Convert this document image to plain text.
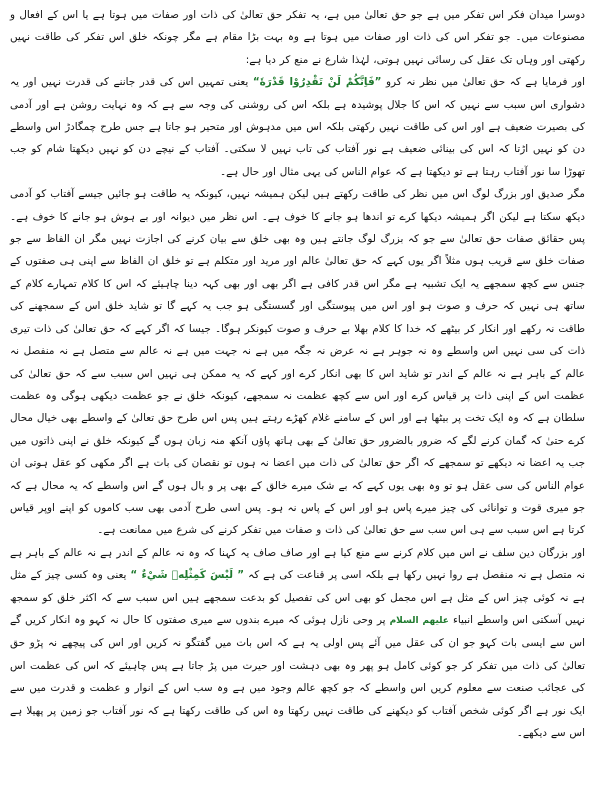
دوسرا میدان فکر اس تفکر میں ہے جو حق تعالیٰ میں ہے، یہ تفکر حق تعالیٰ کی ذات اور صفات میں ہوتا ہے یا اس کے افعال و مصنوعات میں۔ جو تفکر اس کی ذات اور صفات میں ہوتا ہے وہ بہت بڑا مقام ہے مگر چونکہ خلق اس تفکر کی طاقت نہیں رکھتی اور وہاں تک عقل کی رسائی نہیں ہوتی، لہٰذا شارع نے منع کر دیا ہے:

اور فرمایا ہے کہ حق تعالیٰ میں نظر نہ کرو ”فَاِنَّكُمْ لَنْ تَقْدِرُوْا قَدْرَهٗ“ یعنی تمہیں اس کی قدر جاننے کی قدرت نہیں اور یہ دشواری اس سبب سے نہیں کہ اس کا جلال پوشیدہ ہے بلکہ اس کی روشنی کی وجہ سے ہے کہ وہ نہایت روشن ہے اور آدمی کی بصیرت ضعیف ہے اور اس کی طاقت نہیں رکھتی بلکہ اس میں مدہوش اور متحیر ہو جاتا ہے جس طرح چمگادڑ اس واسطے دن کو نہیں اڑتا کہ اس کی بینائی ضعیف ہے نور آفتاب کی تاب نہیں لا سکتی۔ آفتاب کے نیچے دن کو نہیں دیکھتا شام کو جب تھوڑا سا نور آفتاب رہتا ہے تو دیکھتا ہے کہ عوام الناس کی یہی مثال اور حال ہے۔

مگر صدیق اور بزرگ لوگ اس میں نظر کی طاقت رکھتے ہیں لیکن ہمیشہ نہیں، کیونکہ یہ طاقت ہو جائیں جیسے آفتاب کو آدمی دیکھ سکتا ہے لیکن اگر ہمیشہ دیکھا کرے تو اندھا ہو جانے کا خوف ہے۔ اس نظر میں دیوانہ اور بے ہوش ہو جانے کا خوف ہے۔ پس حقائق صفات حق تعالیٰ سے جو کہ بزرگ لوگ جانتے ہیں وہ بھی خلق سے بیان کرنے کی اجازت نہیں مگر ان الفاظ سے جو صفات خلق سے قریب ہوں مثلاً اگر یوں کہے کہ حق تعالیٰ عالم اور مرید اور متکلم ہے تو خلق ان الفاظ سے اپنی ہی صفتوں کے جنس سے کچھ سمجھے یہ ایک تشبیہ ہے مگر اس قدر کافی ہے اگر بھی اور بھی کہہ دینا چاہیئے کہ اس کا کلام تمہارے کلام کے ساتھ ہی نہیں کہ حرف و صوت ہو اور اس میں پیوستگی اور گسستگی ہو جب یہ کہے گا تو شاید خلق اس کے سمجھنے کی طاقت نہ رکھے اور انکار کر بیٹھے کہ خدا کا کلام بھلا بے حرف و صوت کیونکر ہوگا۔ جیسا کہ اگر کہے کہ حق تعالیٰ کی ذات تیری ذات کی سی نہیں اس واسطے وہ نہ جوہر ہے نہ عرض نہ جگہ میں ہے نہ جہت میں ہے نہ عالم سے متصل ہے نہ منفصل نہ عالم کے باہر ہے نہ عالم کے اندر تو شاید اس کا بھی انکار کرے اور کہے کہ یہ ممکن ہی نہیں اس سبب سے کہ حق تعالیٰ کی عظمت اس کے اپنی ذات پر قیاس کرے اور اس سے کچھ عظمت نہ سمجھے، کیونکہ خلق نے جو عظمت دیکھی ہوگی وہ عظمت سلطان ہے کہ وہ ایک تخت پر بیٹھا ہے اور اس کے سامنے غلام کھڑے رہتے ہیں پس اس طرح حق تعالیٰ کے واسطے بھی خیال محال کرے حتیٰ کہ گمان کرنے لگے کہ ضرور بالضرور حق تعالیٰ کے بھی ہاتھ پاؤں آنکھ منہ زبان ہوں گے کیونکہ خلق نے اپنی ذاتوں میں جب یہ اعضا نہ دیکھے تو سمجھے کہ اگر حق تعالیٰ کی ذات میں اعضا نہ ہوں تو نقصان کی بات ہے اگر مکھی کو عقل ہوتی ان عوام الناس کی سی عقل ہو تو وہ بھی یوں کہے کہ بے شک میرے خالق کے بھی پر و بال ہوں گے اس واسطے کہ یہ محال ہے کہ جو میری قوت و توانائی کی چیز میرے پاس ہو اور اس کے پاس نہ ہو۔ پس اسی طرح آدمی بھی سب کاموں کو اپنے اوپر قیاس کرتا ہے اس سبب سے ہی اس سب سے حق تعالیٰ کی ذات و صفات میں تفکر کرنے کی شرع میں ممانعت ہے۔

اور بزرگان دین سلف نے اس میں کلام کرنے سے منع کیا ہے اور صاف صاف یہ کہنا کہ وہ نہ عالم کے اندر ہے نہ عالم کے باہر ہے نہ متصل ہے نہ منفصل ہے روا نہیں رکھا ہے بلکہ اسی پر قناعت کی ہے کہ ” لَيْسَ كَمِثْلِهٖ شَيْءٌ “ یعنی وہ کسی چیز کے مثل ہے نہ کوئی چیز اس کے مثل ہے اس مجمل کو بھی اس کی تفصیل کو بدعت سمجھے ہیں اس سبب سے کہ اکثر خلق کو سمجھ نہیں آسکتی اس واسطے انبیاء عليهم السلام پر وحی نازل ہوئی کہ میرے بندوں سے میری صفتوں کا حال نہ کہو وہ انکار کریں گے اس سے ایسی بات کہو جو ان کی عقل میں آئے پس اولی یہ ہے کہ اس بات میں گفتگو نہ کریں اور اس کی پیچھے نہ پڑو حق تعالیٰ کی ذات میں تفکر کر جو کوئی کامل ہو پھر وہ بھی دہشت اور حیرت میں پڑ جاتا ہے پس چاہیئے کہ اس کی عظمت اس کی عجائب صنعت سے معلوم کریں اس واسطے کہ جو کچھ عالم وجود میں ہے وہ سب اس کے انوار و عظمت و قدرت میں سے ایک نور ہے اگر کوئی شخص آفتاب کو دیکھنے کی طاقت نہیں رکھتا وہ اس کی طاقت رکھتا ہے کہ نور آفتاب جو زمین پر پھیلا ہے اس سے دیکھے۔
